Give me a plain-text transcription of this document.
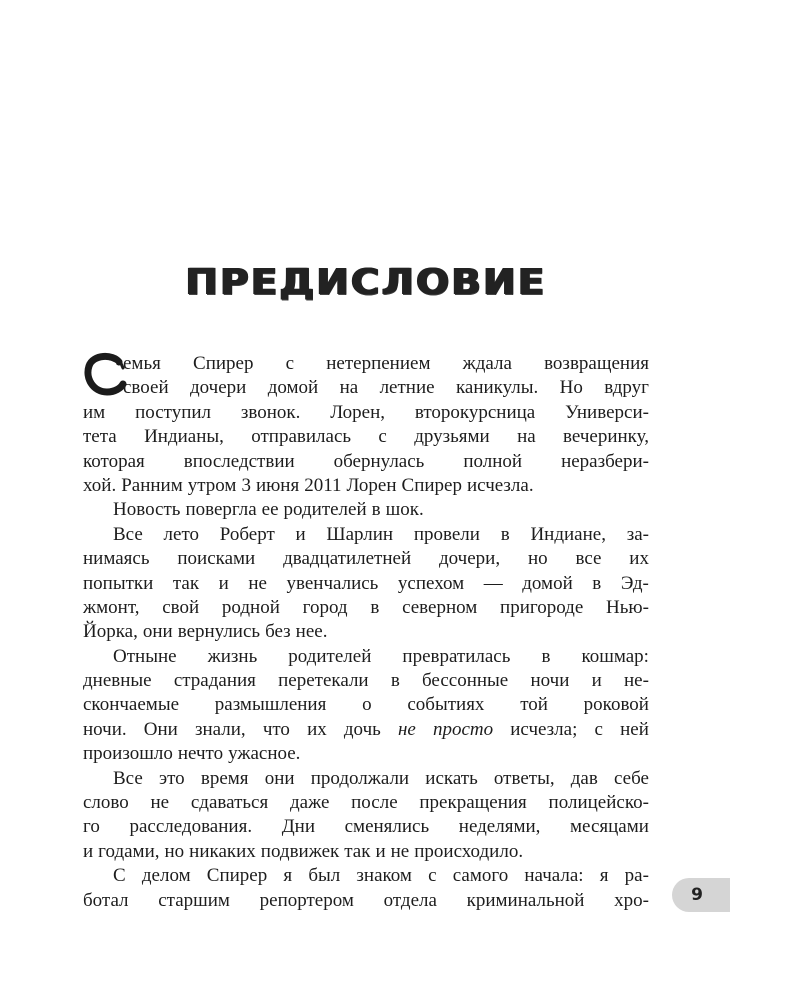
ПРЕДИСЛОВИЕ
емья Спирер с нетерпением ждала возвращения
своей дочери домой на летние каникулы. Но вдруг
им поступил звонок. Лорен, второкурсница Универси-
тета Индианы, отправилась с друзьями на вечеринку,
которая впоследствии обернулась полной неразбери-
хой. Ранним утром 3 июня 2011 Лорен Спирер исчезла.
Новость повергла ее родителей в шок.
Все лето Роберт и Шарлин провели в Индиане, за-
нимаясь поисками двадцатилетней дочери, но все их
попытки так и не увенчались успехом — домой в Эд-
жмонт, свой родной город в северном пригороде Нью-
Йорка, они вернулись без нее.
Отныне жизнь родителей превратилась в кошмар:
дневные страдания перетекали в бессонные ночи и не-
скончаемые размышления о событиях той роковой
ночи. Они знали, что их дочь не просто исчезла; с ней
произошло нечто ужасное.
Все это время они продолжали искать ответы, дав себе
слово не сдаваться даже после прекращения полицейско-
го расследования. Дни сменялись неделями, месяцами
и годами, но никаких подвижек так и не происходило.
С делом Спирер я был знаком с самого начала: я ра-
ботал старшим репортером отдела криминальной хро-	9
